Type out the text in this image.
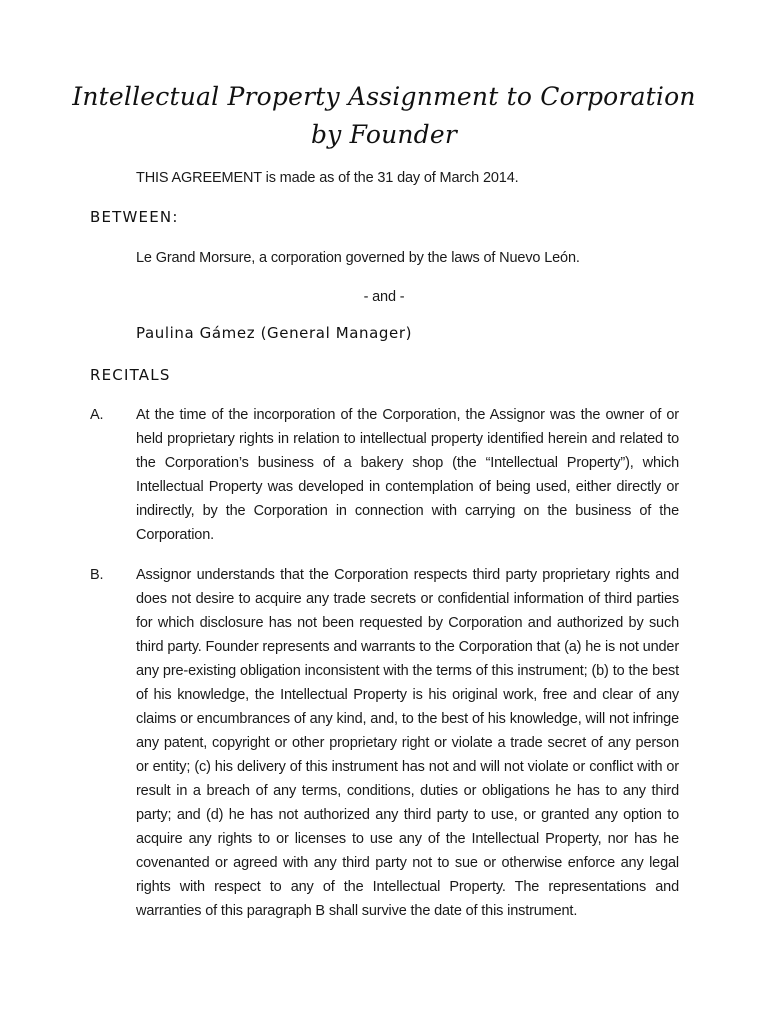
Intellectual Property Assignment to Corporation by Founder
THIS AGREEMENT is made as of the 31 day of March 2014.
BETWEEN:
Le Grand Morsure, a corporation governed by the laws of Nuevo León.
- and -
Paulina Gámez (General Manager)
RECITALS
A. At the time of the incorporation of the Corporation, the Assignor was the owner of or held proprietary rights in relation to intellectual property identified herein and related to the Corporation’s business of a bakery shop (the “Intellectual Property”), which Intellectual Property was developed in contemplation of being used, either directly or indirectly, by the Corporation in connection with carrying on the business of the Corporation.
B. Assignor understands that the Corporation respects third party proprietary rights and does not desire to acquire any trade secrets or confidential information of third parties for which disclosure has not been requested by Corporation and authorized by such third party. Founder represents and warrants to the Corporation that (a) he is not under any pre-existing obligation inconsistent with the terms of this instrument; (b) to the best of his knowledge, the Intellectual Property is his original work, free and clear of any claims or encumbrances of any kind, and, to the best of his knowledge, will not infringe any patent, copyright or other proprietary right or violate a trade secret of any person or entity; (c) his delivery of this instrument has not and will not violate or conflict with or result in a breach of any terms, conditions, duties or obligations he has to any third party; and (d) he has not authorized any third party to use, or granted any option to acquire any rights to or licenses to use any of the Intellectual Property, nor has he covenanted or agreed with any third party not to sue or otherwise enforce any legal rights with respect to any of the Intellectual Property. The representations and warranties of this paragraph B shall survive the date of this instrument.
